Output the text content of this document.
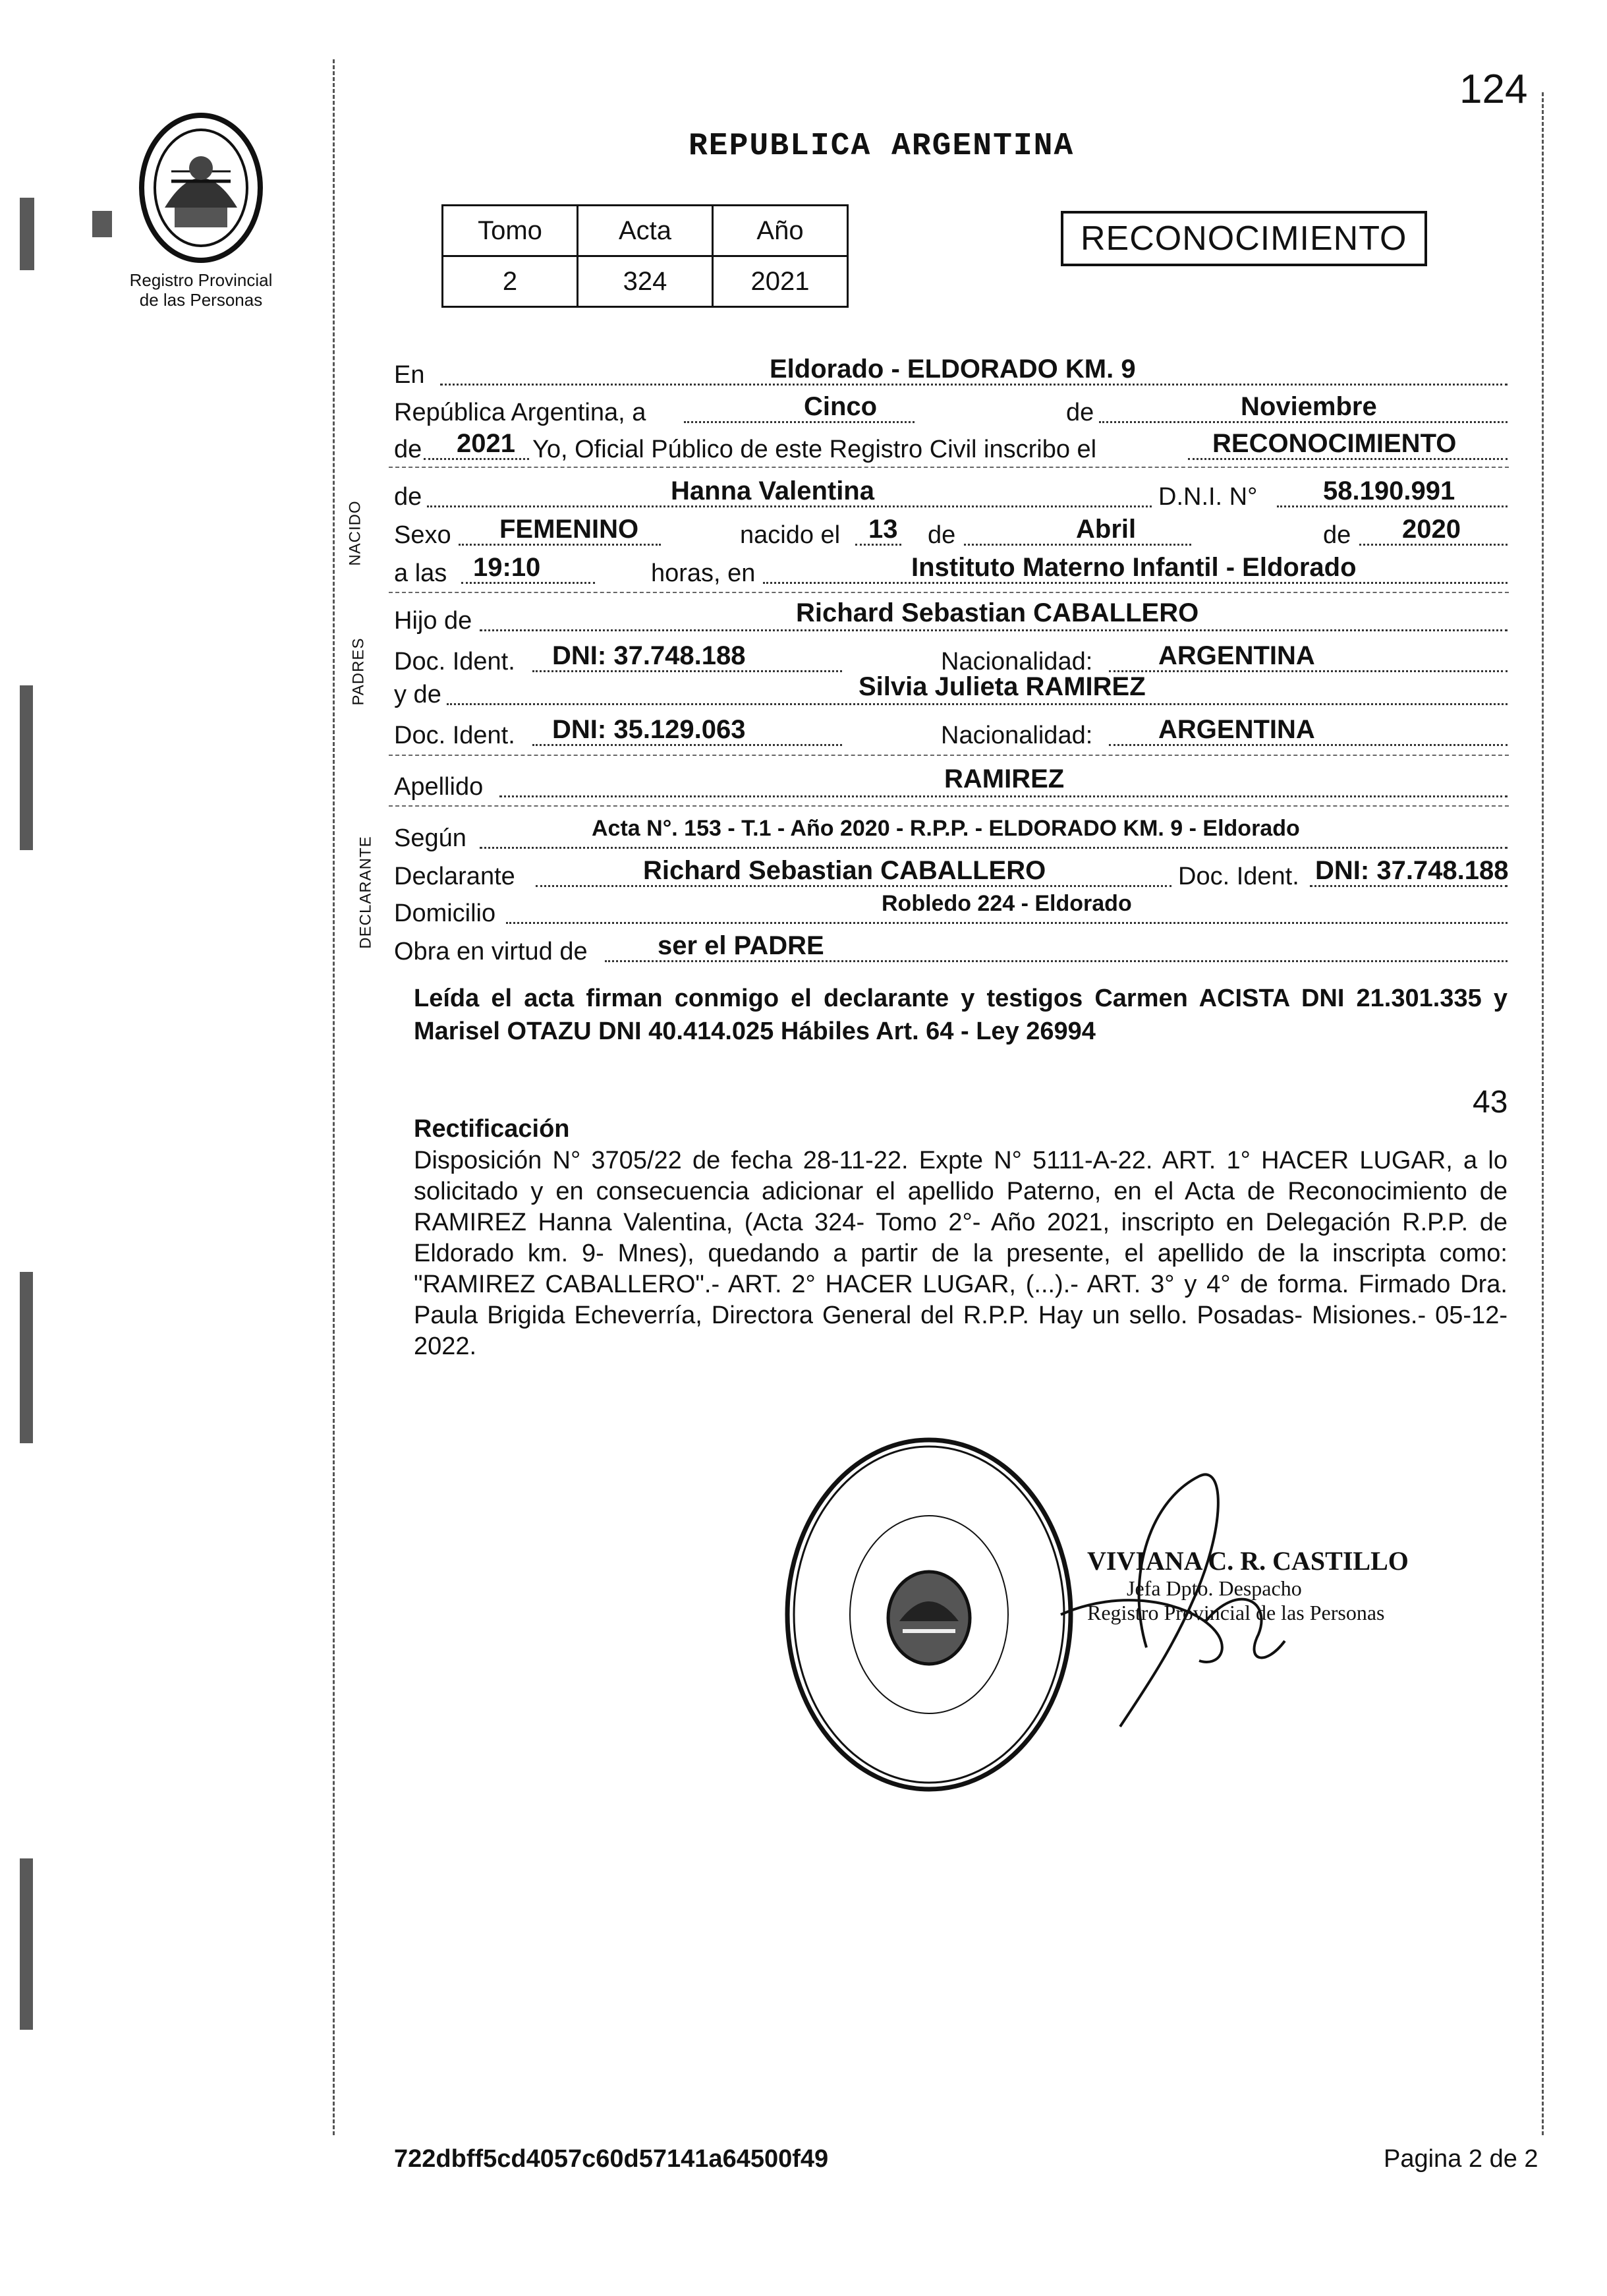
124
Registro Provincial
de las Personas
REPUBLICA ARGENTINA
Tomo	Acta	Año
2	324	2021
RECONOCIMIENTO
NACIDO
PADRES
DECLARANTE
En	Eldorado - ELDORADO KM. 9
República Argentina, a	Cinco	de	Noviembre
de 2021 Yo, Oficial Público de este Registro Civil inscribo el	RECONOCIMIENTO
de	Hanna Valentina	D.N.I. N° 58.190.991
Sexo FEMENINO	nacido el 13 de	Abril	de 2020
a las 19:10	horas, en	Instituto Materno Infantil - Eldorado
Hijo de	Richard Sebastian CABALLERO
Doc. Ident. DNI: 37.748.188	Nacionalidad: ARGENTINA
y de	Silvia Julieta RAMIREZ
Doc. Ident. DNI: 35.129.063	Nacionalidad: ARGENTINA
Apellido	RAMIREZ
Según	Acta N°. 153 - T.1 - Año 2020 - R.P.P. - ELDORADO KM. 9 - Eldorado
Declarante	Richard Sebastian CABALLERO	Doc. Ident. DNI: 37.748.188
Domicilio	Robledo 224 - Eldorado
Obra en virtud de	ser el PADRE
Leída el acta firman conmigo el declarante y testigos Carmen ACISTA DNI 21.301.335 y Marisel OTAZU DNI 40.414.025 Hábiles Art. 64 - Ley 26994
43
Rectificación
Disposición N° 3705/22 de fecha 28-11-22. Expte N° 5111-A-22. ART. 1° HACER LUGAR, a lo solicitado y en consecuencia adicionar el apellido Paterno, en el Acta de Reconocimiento de RAMIREZ Hanna Valentina, (Acta 324- Tomo 2°- Año 2021, inscripto en Delegación R.P.P. de Eldorado km. 9- Mnes), quedando a partir de la presente, el apellido de la inscripta como: "RAMIREZ CABALLERO".- ART. 2° HACER LUGAR, (...).- ART. 3° y 4° de forma. Firmado Dra. Paula Brigida Echeverría, Directora General del R.P.P. Hay un sello. Posadas- Misiones.- 05-12-2022.
VIVIANA C. R. CASTILLO
Jefa Dpto. Despacho
Registro Provincial de las Personas
722dbff5cd4057c60d57141a64500f49	Pagina 2 de 2
